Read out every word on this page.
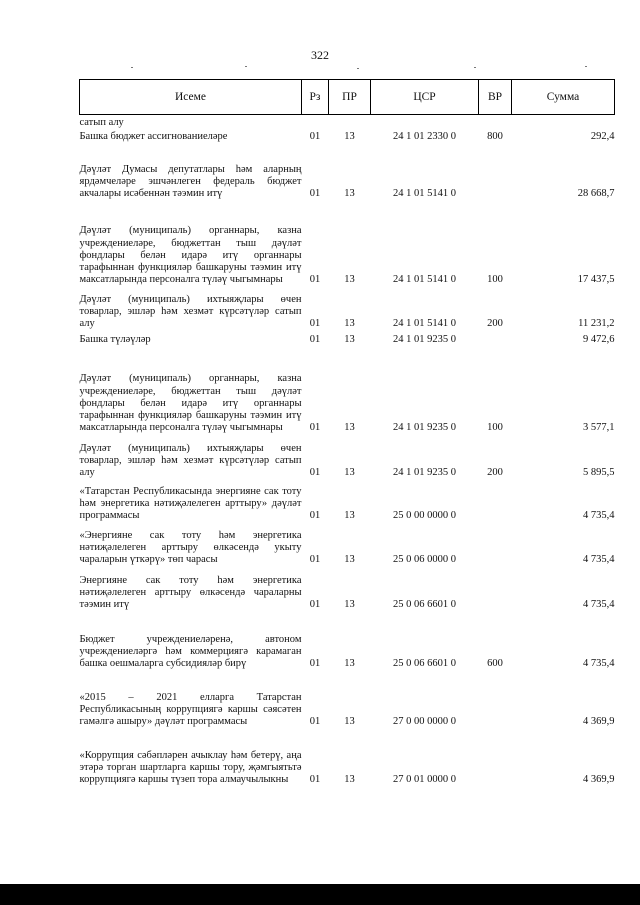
322
Исеме	Рз	ПР	ЦСР	ВР	Сумма
сатып алу					
Башка бюджет ассигнованиеләре	01	13	24 1 01 2330 0	800	292,4
Дәүләт Думасы депутатлары һәм аларның ярдәмчеләре эшчәнлеген федераль бюджет акчалары исәбеннән тәэмин итү	01	13	24 1 01 5141 0		28 668,7
Дәүләт (муниципаль) органнары, казна учреждениеләре, бюджеттан тыш дәүләт фондлары белән идарә итү органнары тарафыннан функцияләр башкаруны тәэмин итү максатларында персоналга түләү чыгымнары	01	13	24 1 01 5141 0	100	17 437,5
Дәүләт (муниципаль) ихтыяҗлары өчен товарлар, эшләр һәм хезмәт күрсәтүләр сатып алу	01	13	24 1 01 5141 0	200	11 231,2
Башка түләүләр	01	13	24 1 01 9235 0		9 472,6
Дәүләт (муниципаль) органнары, казна учреждениеләре, бюджеттан тыш дәүләт фондлары белән идарә итү органнары тарафыннан функцияләр башкаруны тәэмин итү максатларында персоналга түләү чыгымнары	01	13	24 1 01 9235 0	100	3 577,1
Дәүләт (муниципаль) ихтыяҗлары өчен товарлар, эшләр һәм хезмәт күрсәтүләр сатып алу	01	13	24 1 01 9235 0	200	5 895,5
«Татарстан Республикасында энергияне сак тоту һәм энергетика нәтиҗәлелеген арттыру» дәүләт программасы	01	13	25 0 00 0000 0		4 735,4
«Энергияне сак тоту һәм энергетика нәтиҗәлелеген арттыру өлкәсендә укыту чараларын үткәрү» төп чарасы	01	13	25 0 06 0000 0		4 735,4
Энергияне сак тоту һәм энергетика нәтиҗәлелеген арттыру өлкәсендә чараларны тәэмин итү	01	13	25 0 06 6601 0		4 735,4
Бюджет учреждениеләренә, автоном учреждениеләргә һәм коммерциягә карамаган башка оешмаларга субсидияләр бирү	01	13	25 0 06 6601 0	600	4 735,4
«2015 – 2021 елларга Татарстан Республикасының коррупциягә каршы сәясәтен гамәлгә ашыру» дәүләт программасы	01	13	27 0 00 0000 0		4 369,9
«Коррупция сәбәпләрен ачыклау һәм бетерү, аңа этәрә торган шартларга каршы тору, җәмгыятьтә коррупциягә каршы түзеп тора алмаучылыкны	01	13	27 0 01 0000 0		4 369,9
